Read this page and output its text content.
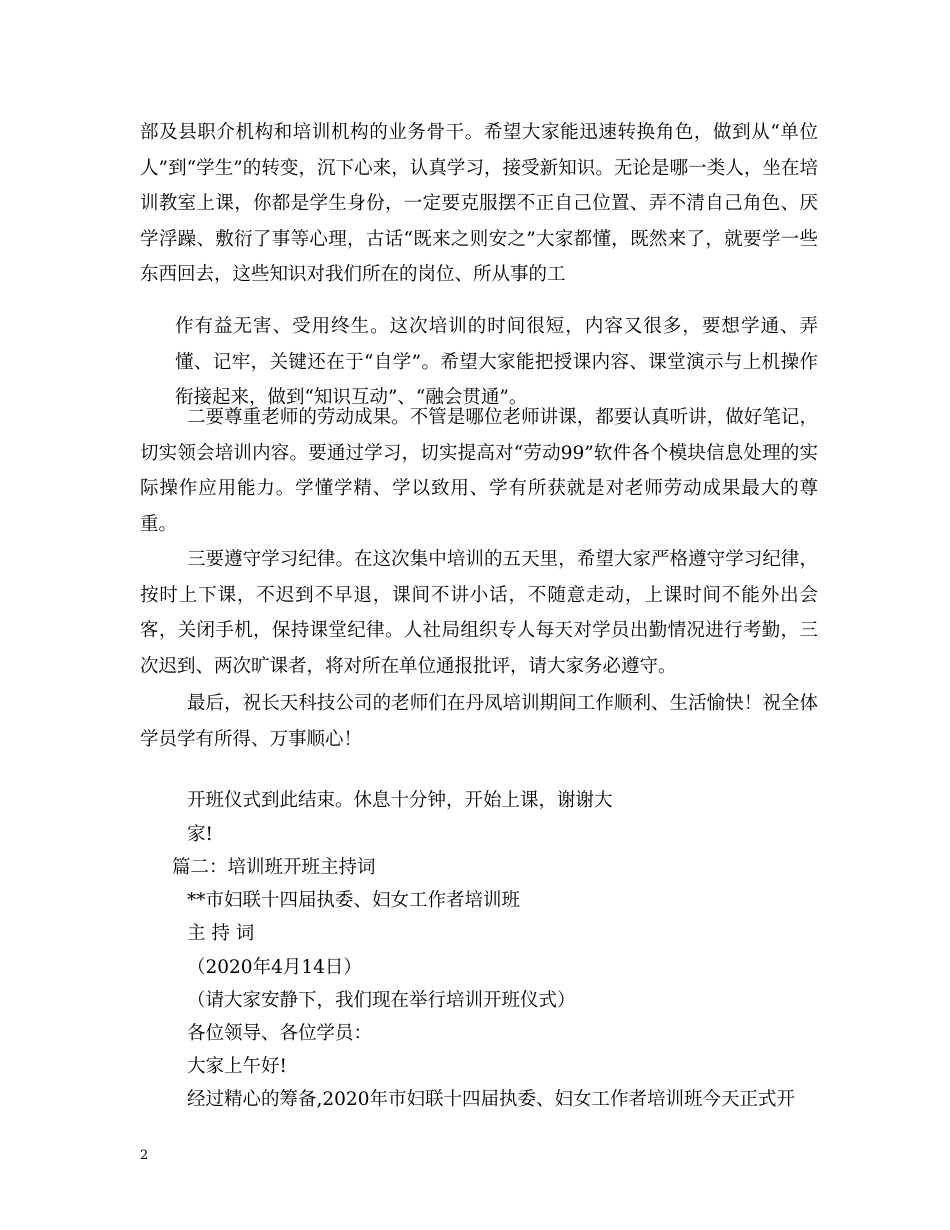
部及县职介机构和培训机构的业务骨干。希望大家能迅速转换角色，做到从“单位人”到“学生”的转变，沉下心来，认真学习，接受新知识。无论是哪一类人，坐在培训教室上课，你都是学生身份，一定要克服摆不正自己位置、弄不清自己角色、厌学浮躁、敷衍了事等心理，古话“既来之则安之”大家都懂，既然来了，就要学一些东西回去，这些知识对我们所在的岗位、所从事的工

作有益无害、受用终生。这次培训的时间很短，内容又很多，要想学通、弄懂、记牢，关键还在于“自学”。希望大家能把授课内容、课堂演示与上机操作衔接起来，做到“知识互动”、“融会贯通”。

二要尊重老师的劳动成果。不管是哪位老师讲课，都要认真听讲，做好笔记，切实领会培训内容。要通过学习，切实提高对“劳动99”软件各个模块信息处理的实际操作应用能力。学懂学精、学以致用、学有所获就是对老师劳动成果最大的尊重。

三要遵守学习纪律。在这次集中培训的五天里，希望大家严格遵守学习纪律，按时上下课，不迟到不早退，课间不讲小话，不随意走动，上课时间不能外出会客，关闭手机，保持课堂纪律。人社局组织专人每天对学员出勤情况进行考勤，三次迟到、两次旷课者，将对所在单位通报批评，请大家务必遵守。

最后，祝长天科技公司的老师们在丹凤培训期间工作顺利、生活愉快！祝全体学员学有所得、万事顺心！

开班仪式到此结束。休息十分钟，开始上课，谢谢大
家!
篇二：培训班开班主持词
**市妇联十四届执委、妇女工作者培训班
主 持 词
（2020年4月14日）
（请大家安静下，我们现在举行培训开班仪式）
各位领导、各位学员：
大家上午好!
经过精心的筹备,2020年市妇联十四届执委、妇女工作者培训班今天正式开
2
